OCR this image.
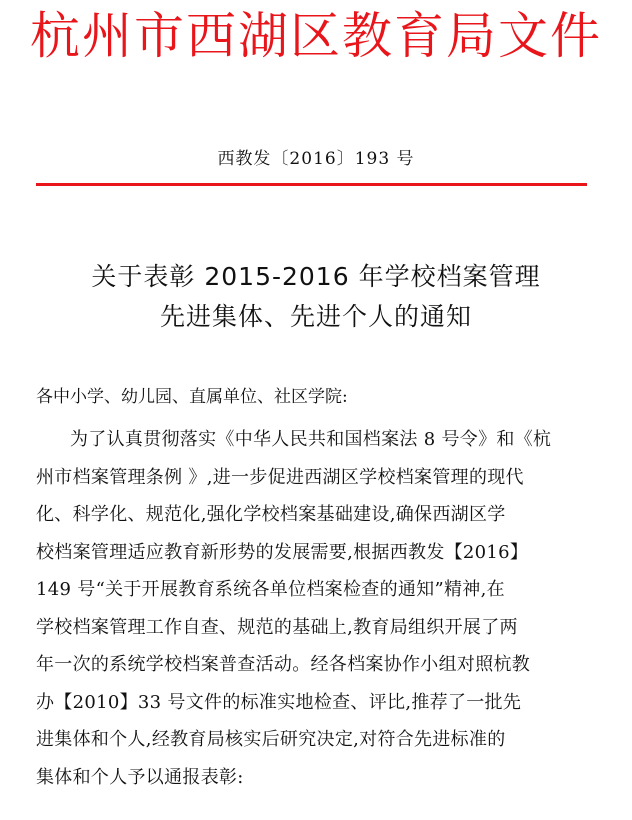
杭州市西湖区教育局文件
西教发〔2016〕193 号
关于表彰 2015-2016 年学校档案管理
先进集体、先进个人的通知
各中小学、幼儿园、直属单位、社区学院:
为了认真贯彻落实《中华人民共和国档案法 8 号令》和《杭
州市档案管理条例 》,进一步促进西湖区学校档案管理的现代
化、科学化、规范化,强化学校档案基础建设,确保西湖区学
校档案管理适应教育新形势的发展需要,根据西教发【2016】
149 号“关于开展教育系统各单位档案检查的通知”精神,在
学校档案管理工作自查、规范的基础上,教育局组织开展了两
年一次的系统学校档案普查活动。经各档案协作小组对照杭教
办【2010】33 号文件的标准实地检查、评比,推荐了一批先
进集体和个人,经教育局核实后研究决定,对符合先进标准的
集体和个人予以通报表彰:
